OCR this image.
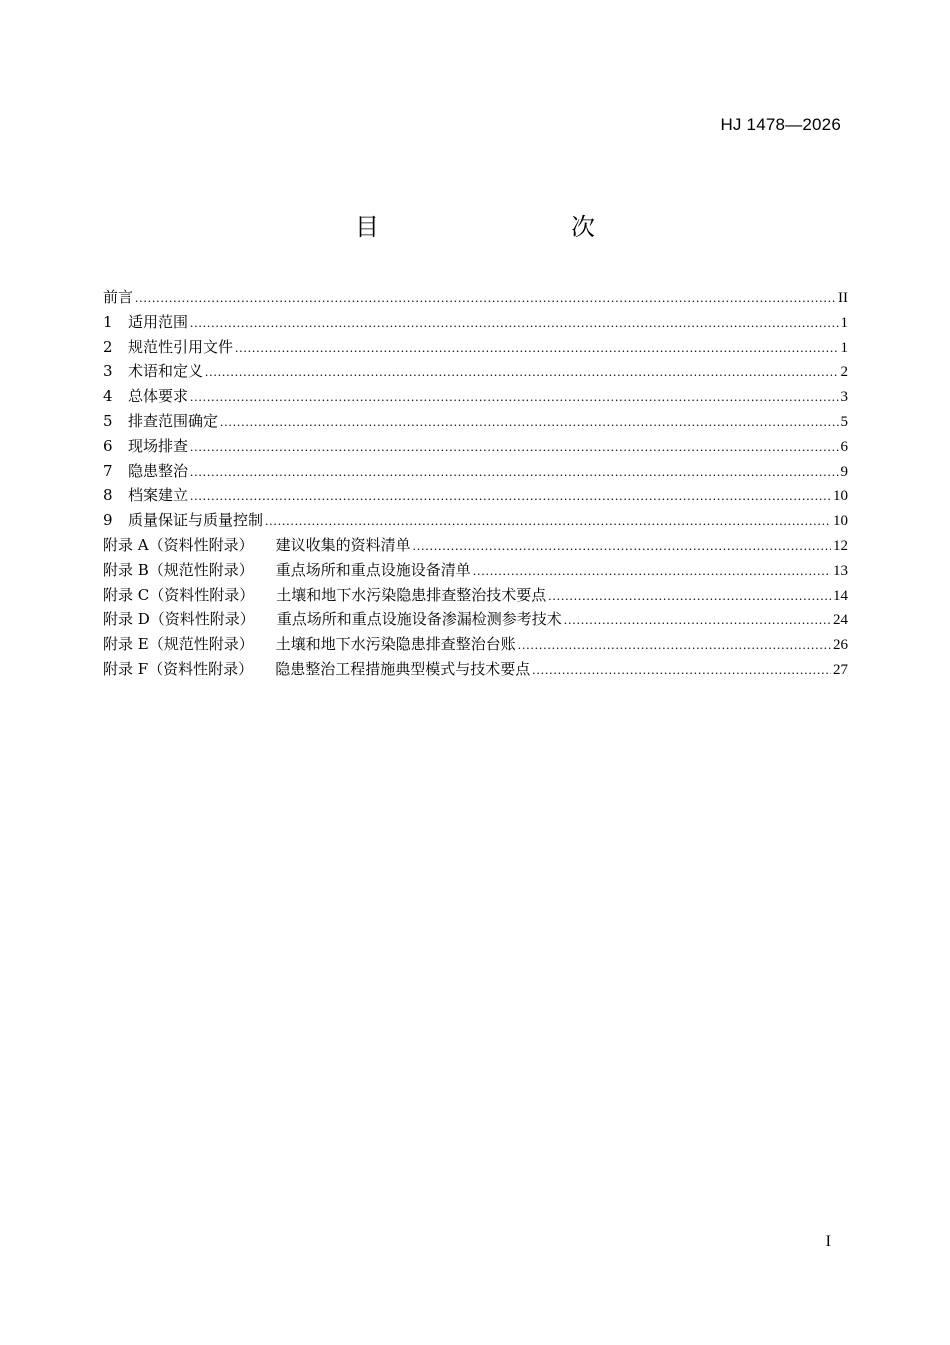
HJ 1478—2026
目　　次
前言 .....	II
1	适用范围 .....	1
2	规范性引用文件 .....	1
3	术语和定义 .....	2
4	总体要求 .....	3
5	排查范围确定 .....	5
6	现场排查 .....	6
7	隐患整治 .....	9
8	档案建立 .....	10
9	质量保证与质量控制 .....	10
附录 A（资料性附录） 建议收集的资料清单 .....	12
附录 B（规范性附录） 重点场所和重点设施设备清单 .....	13
附录 C（资料性附录） 土壤和地下水污染隐患排查整治技术要点 .....	14
附录 D（资料性附录） 重点场所和重点设施设备渗漏检测参考技术 .....	24
附录 E（规范性附录） 土壤和地下水污染隐患排查整治台账 .....	26
附录 F（资料性附录） 隐患整治工程措施典型模式与技术要点 .....	27
I
